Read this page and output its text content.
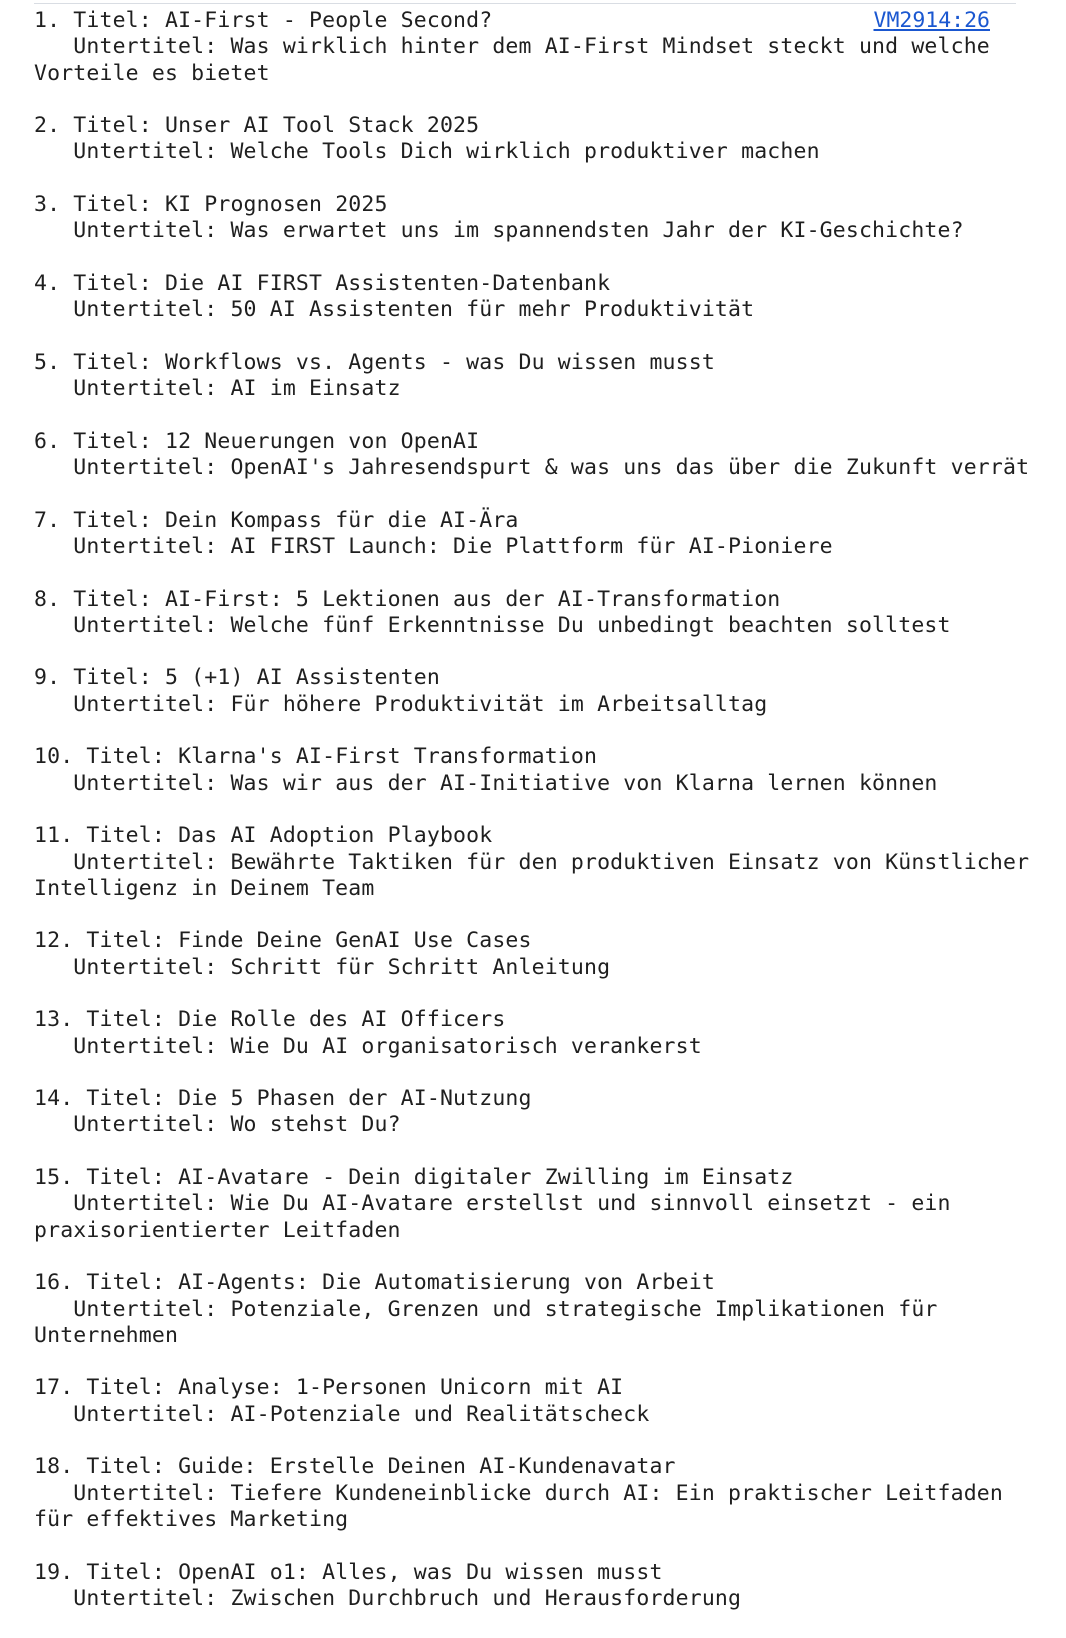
VM2914:26
1. Titel: AI-First - People Second?
Untertitel: Was wirklich hinter dem AI-First Mindset steckt und welche Vorteile es bietet
2. Titel: Unser AI Tool Stack 2025
Untertitel: Welche Tools Dich wirklich produktiver machen
3. Titel: KI Prognosen 2025
Untertitel: Was erwartet uns im spannendsten Jahr der KI-Geschichte?
4. Titel: Die AI FIRST Assistenten-Datenbank
Untertitel: 50 AI Assistenten für mehr Produktivität
5. Titel: Workflows vs. Agents - was Du wissen musst
Untertitel: AI im Einsatz
6. Titel: 12 Neuerungen von OpenAI
Untertitel: OpenAI's Jahresendspurt & was uns das über die Zukunft verrät
7. Titel: Dein Kompass für die AI-Ära
Untertitel: AI FIRST Launch: Die Plattform für AI-Pioniere
8. Titel: AI-First: 5 Lektionen aus der AI-Transformation
Untertitel: Welche fünf Erkenntnisse Du unbedingt beachten solltest
9. Titel: 5 (+1) AI Assistenten
Untertitel: Für höhere Produktivität im Arbeitsalltag
10. Titel: Klarna's AI-First Transformation
Untertitel: Was wir aus der AI-Initiative von Klarna lernen können
11. Titel: Das AI Adoption Playbook
Untertitel: Bewährte Taktiken für den produktiven Einsatz von Künstlicher Intelligenz in Deinem Team
12. Titel: Finde Deine GenAI Use Cases
Untertitel: Schritt für Schritt Anleitung
13. Titel: Die Rolle des AI Officers
Untertitel: Wie Du AI organisatorisch verankerst
14. Titel: Die 5 Phasen der AI-Nutzung
Untertitel: Wo stehst Du?
15. Titel: AI-Avatare - Dein digitaler Zwilling im Einsatz
Untertitel: Wie Du AI-Avatare erstellst und sinnvoll einsetzt - ein praxisorientierter Leitfaden
16. Titel: AI-Agents: Die Automatisierung von Arbeit
Untertitel: Potenziale, Grenzen und strategische Implikationen für Unternehmen
17. Titel: Analyse: 1-Personen Unicorn mit AI
Untertitel: AI-Potenziale und Realitätscheck
18. Titel: Guide: Erstelle Deinen AI-Kundenavatar
Untertitel: Tiefere Kundeneinblicke durch AI: Ein praktischer Leitfaden für effektives Marketing
19. Titel: OpenAI o1: Alles, was Du wissen musst
Untertitel: Zwischen Durchbruch und Herausforderung
